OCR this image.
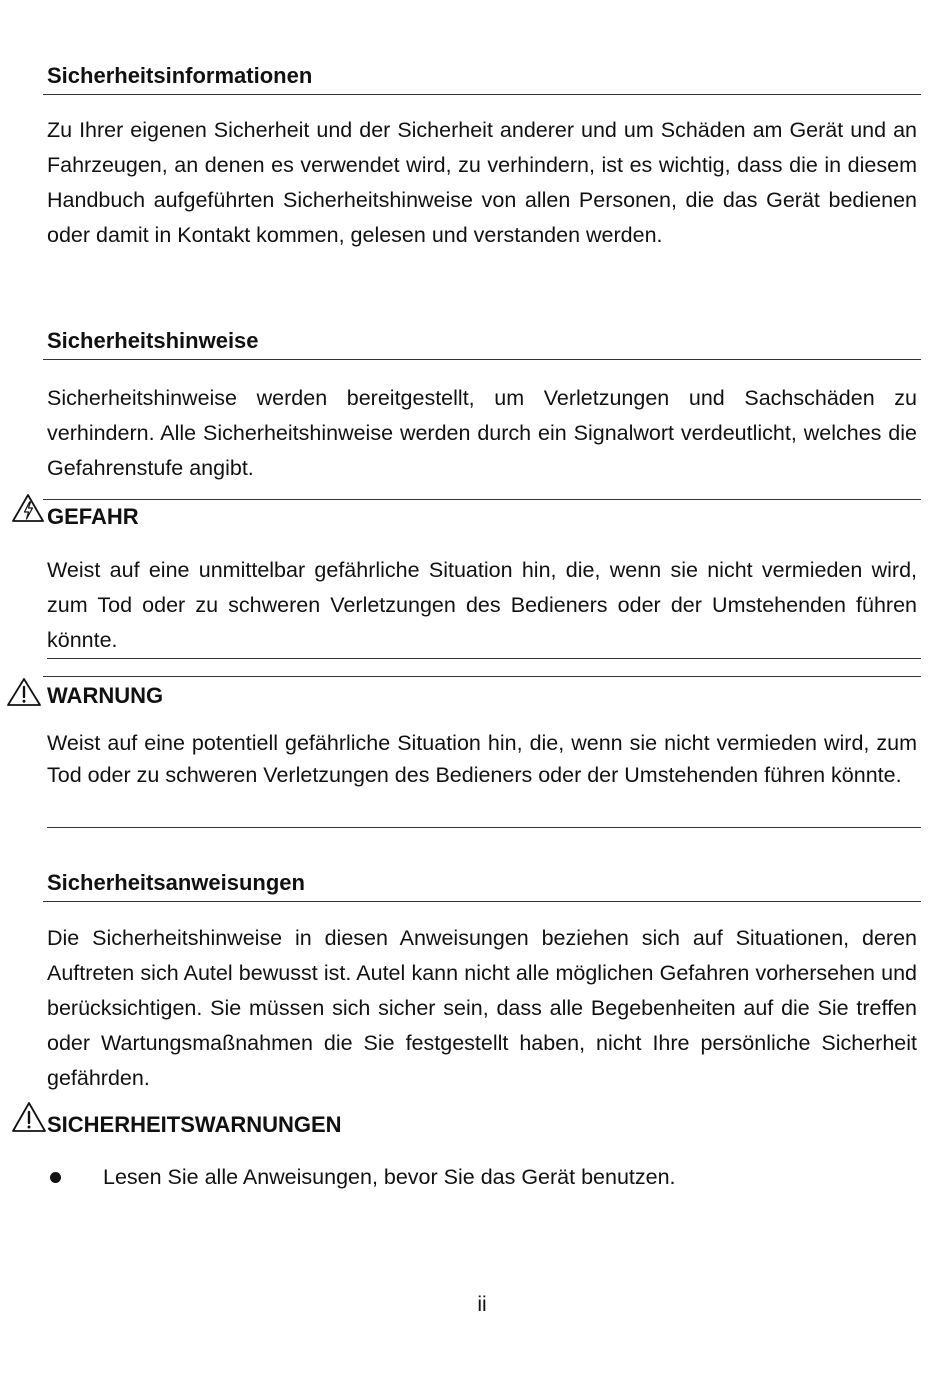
Sicherheitsinformationen
Zu Ihrer eigenen Sicherheit und der Sicherheit anderer und um Schäden am Gerät und an Fahrzeugen, an denen es verwendet wird, zu verhindern, ist es wichtig, dass die in diesem Handbuch aufgeführten Sicherheitshinweise von allen Personen, die das Gerät bedienen oder damit in Kontakt kommen, gelesen und verstanden werden.
Sicherheitshinweise
Sicherheitshinweise werden bereitgestellt, um Verletzungen und Sachschäden zu verhindern. Alle Sicherheitshinweise werden durch ein Signalwort verdeutlicht, welches die Gefahrenstufe angibt.
GEFAHR
Weist auf eine unmittelbar gefährliche Situation hin, die, wenn sie nicht vermieden wird, zum Tod oder zu schweren Verletzungen des Bedieners oder der Umstehenden führen könnte.
WARNUNG
Weist auf eine potentiell gefährliche Situation hin, die, wenn sie nicht vermieden wird, zum Tod oder zu schweren Verletzungen des Bedieners oder der Umstehenden führen könnte.
Sicherheitsanweisungen
Die Sicherheitshinweise in diesen Anweisungen beziehen sich auf Situationen, deren Auftreten sich Autel bewusst ist. Autel kann nicht alle möglichen Gefahren vorhersehen und berücksichtigen. Sie müssen sich sicher sein, dass alle Begebenheiten auf die Sie treffen oder Wartungsmaßnahmen die Sie festgestellt haben, nicht Ihre persönliche Sicherheit gefährden.
SICHERHEITSWARNUNGEN
Lesen Sie alle Anweisungen, bevor Sie das Gerät benutzen.
ii
